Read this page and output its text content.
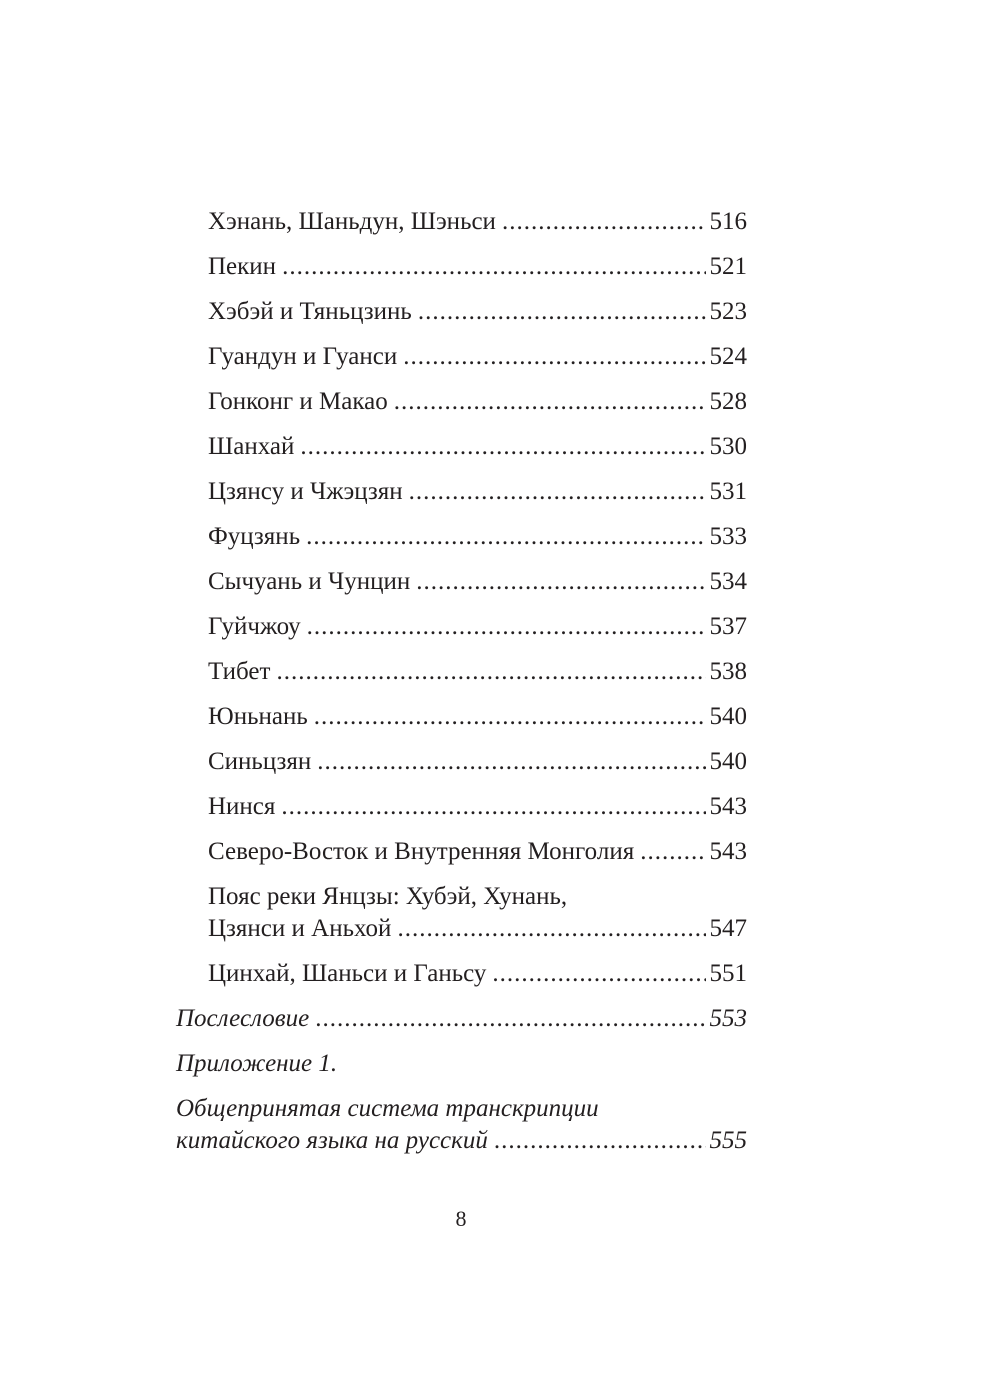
Хэнань, Шаньдун, Шэньси .....	516
Пекин .....	521
Хэбэй и Тяньцзинь .....	523
Гуандун и Гуанси .....	524
Гонконг и Макао .....	528
Шанхай .....	530
Цзянсу и Чжэцзян .....	531
Фуцзянь .....	533
Сычуань и Чунцин .....	534
Гуйчжоу .....	537
Тибет .....	538
Юньнань .....	540
Синьцзян .....	540
Нинся .....	543
Северо-Восток и Внутренняя Монголия .....	543
Пояс реки Янцзы: Хубэй, Хунань,
Цзянси и Аньхой .....	547
Цинхай, Шаньси и Ганьсу .....	551
Послесловие .....	553
Приложение 1.
Общепринятая система транскрипции
китайского языка на русский .....	555
8
